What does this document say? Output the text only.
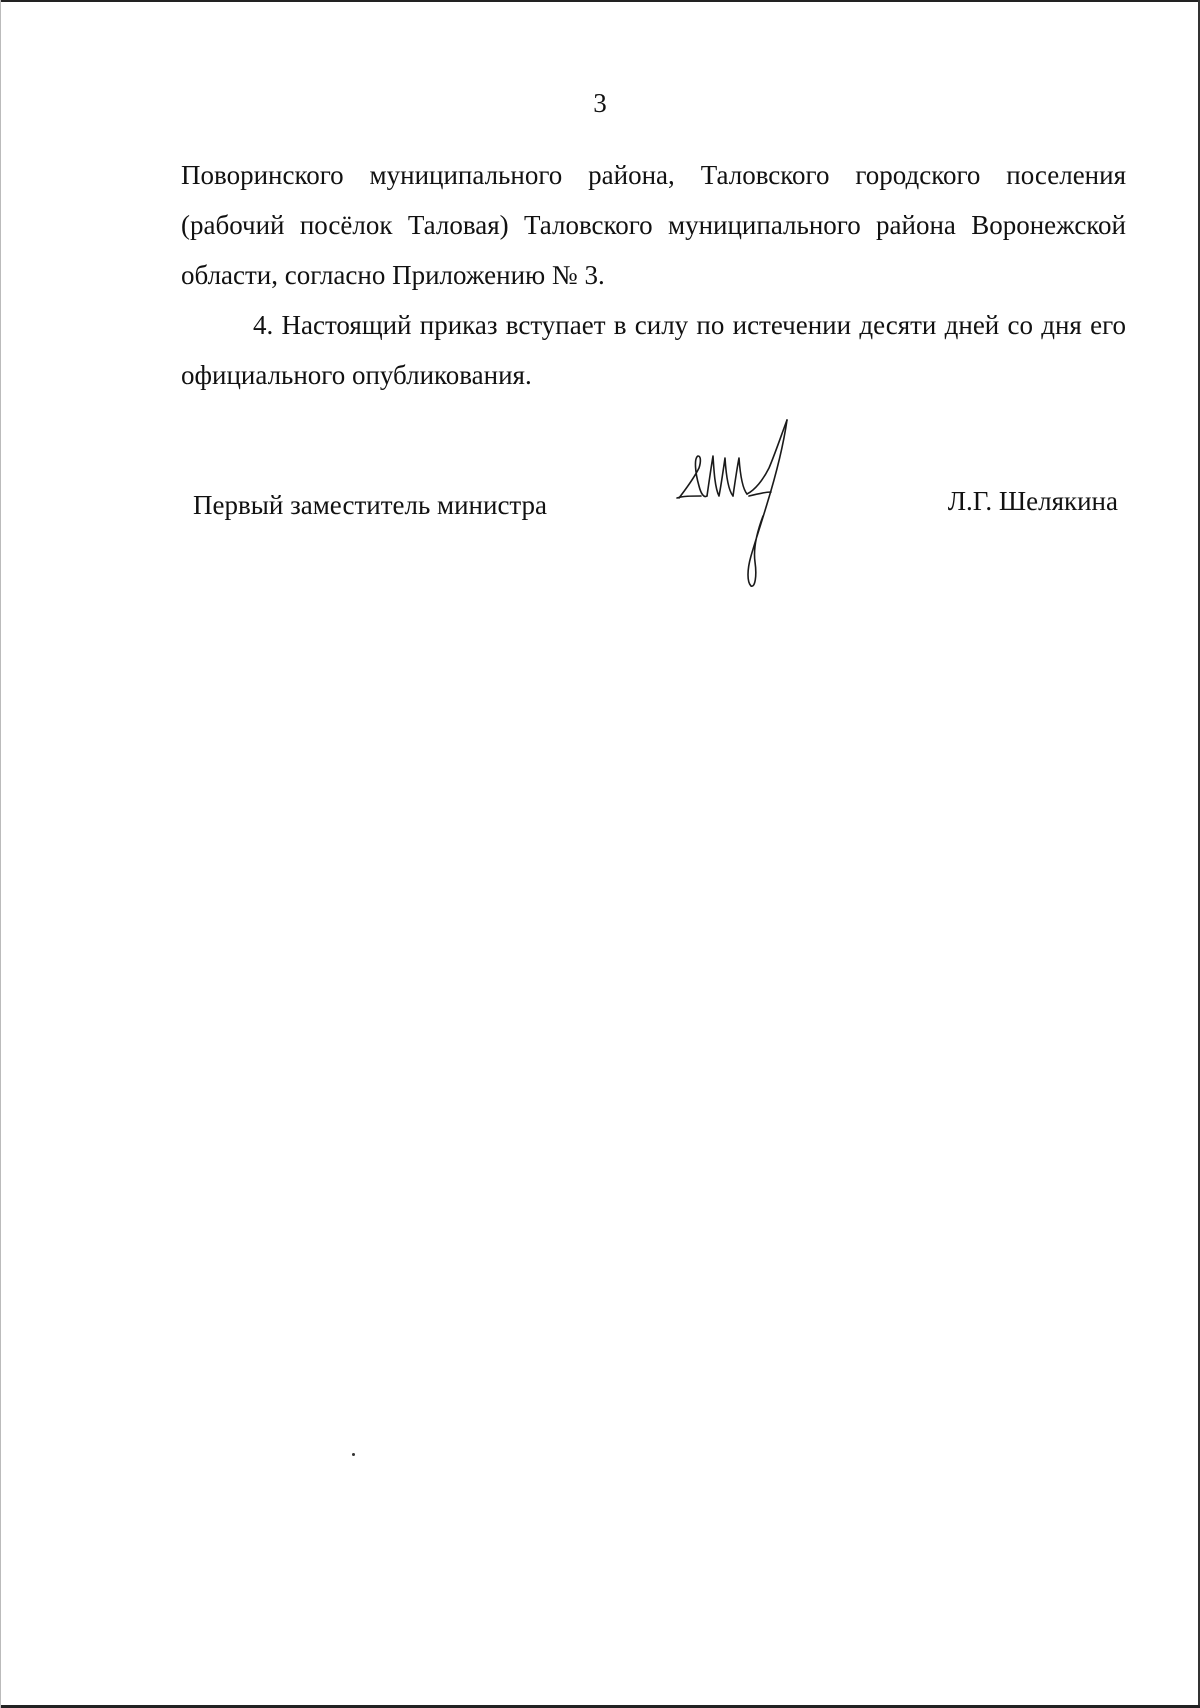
3

Поворинского муниципального района, Таловского городского поселения (рабочий посёлок Таловая) Таловского муниципального района Воронежской области, согласно Приложению № 3.

4. Настоящий приказ вступает в силу по истечении десяти дней со дня его официального опубликования.

Первый заместитель министра	Л.Г. Шелякина
